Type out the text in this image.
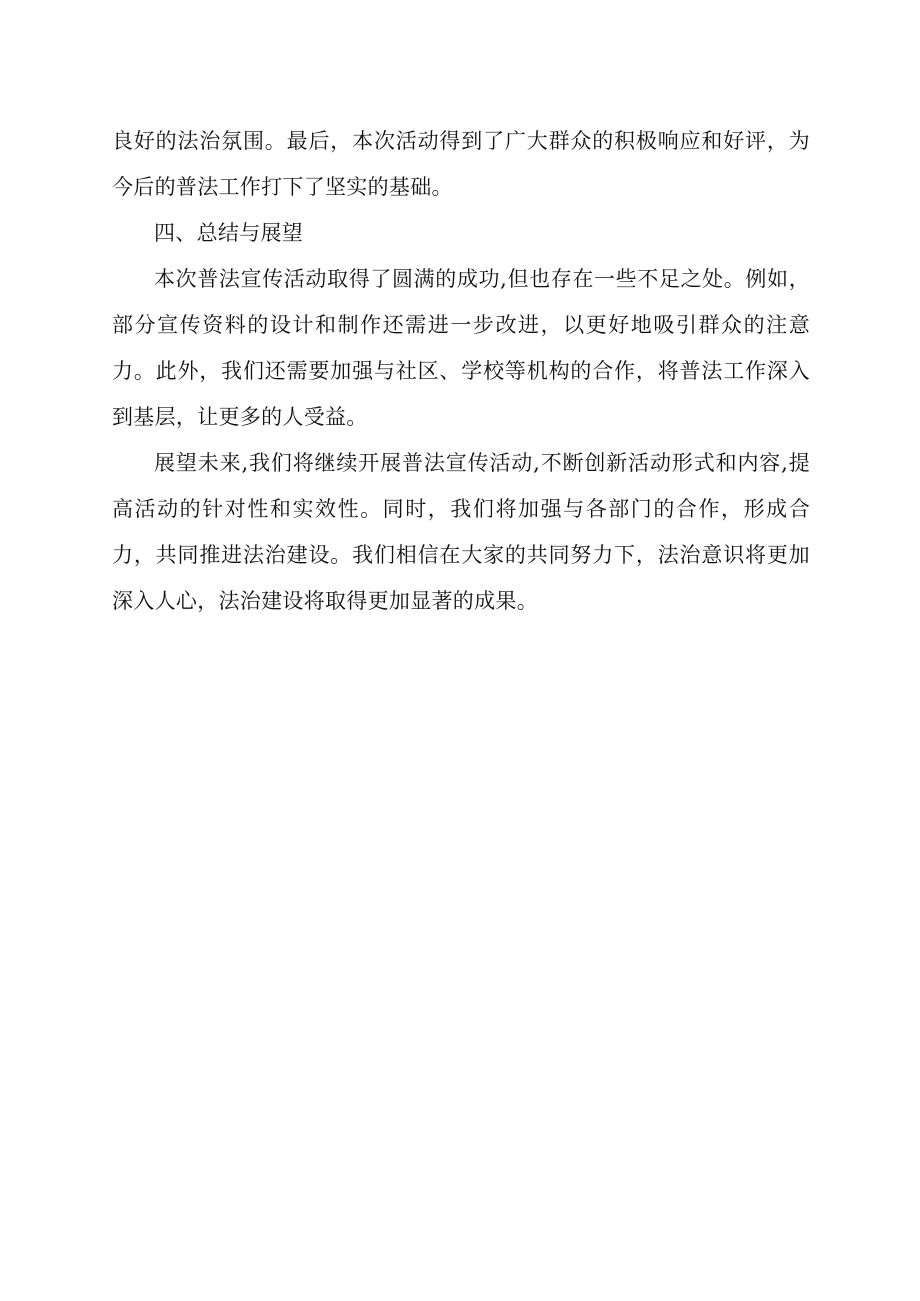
良好的法治氛围。最后，本次活动得到了广大群众的积极响应和好评，为今后的普法工作打下了坚实的基础。

四、总结与展望

本次普法宣传活动取得了圆满的成功,但也存在一些不足之处。例如，部分宣传资料的设计和制作还需进一步改进，以更好地吸引群众的注意力。此外，我们还需要加强与社区、学校等机构的合作，将普法工作深入到基层，让更多的人受益。

展望未来,我们将继续开展普法宣传活动,不断创新活动形式和内容,提高活动的针对性和实效性。同时，我们将加强与各部门的合作，形成合力，共同推进法治建设。我们相信在大家的共同努力下，法治意识将更加深入人心，法治建设将取得更加显著的成果。
